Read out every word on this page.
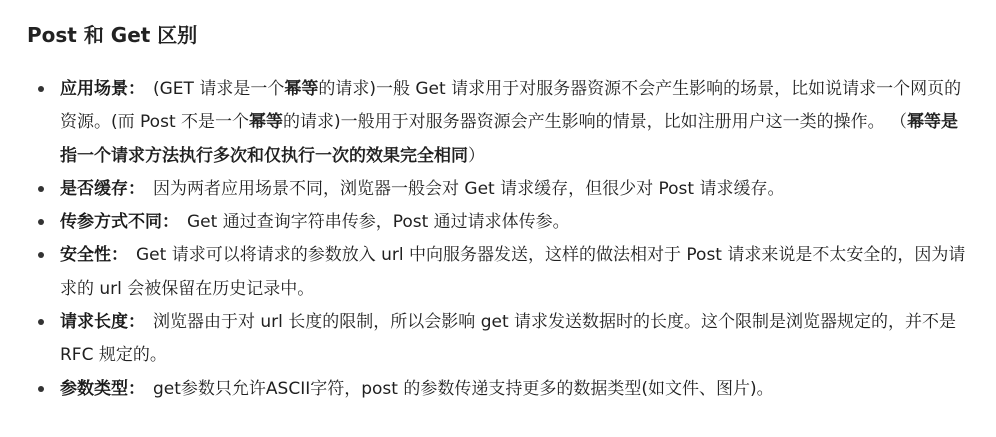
Post 和 Get 区别
应用场景： (GET 请求是一个幂等的请求)一般 Get 请求用于对服务器资源不会产生影响的场景，比如说请求一个网页的资源。(而 Post 不是一个幂等的请求)一般用于对服务器资源会产生影响的情景，比如注册用户这一类的操作。 （幂等是指一个请求方法执行多次和仅执行一次的效果完全相同）
是否缓存： 因为两者应用场景不同，浏览器一般会对 Get 请求缓存，但很少对 Post 请求缓存。
传参方式不同： Get 通过查询字符串传参，Post 通过请求体传参。
安全性： Get 请求可以将请求的参数放入 url 中向服务器发送，这样的做法相对于 Post 请求来说是不太安全的，因为请求的 url 会被保留在历史记录中。
请求长度： 浏览器由于对 url 长度的限制，所以会影响 get 请求发送数据时的长度。这个限制是浏览器规定的，并不是 RFC 规定的。
参数类型： get参数只允许ASCII字符，post 的参数传递支持更多的数据类型(如文件、图片)。
